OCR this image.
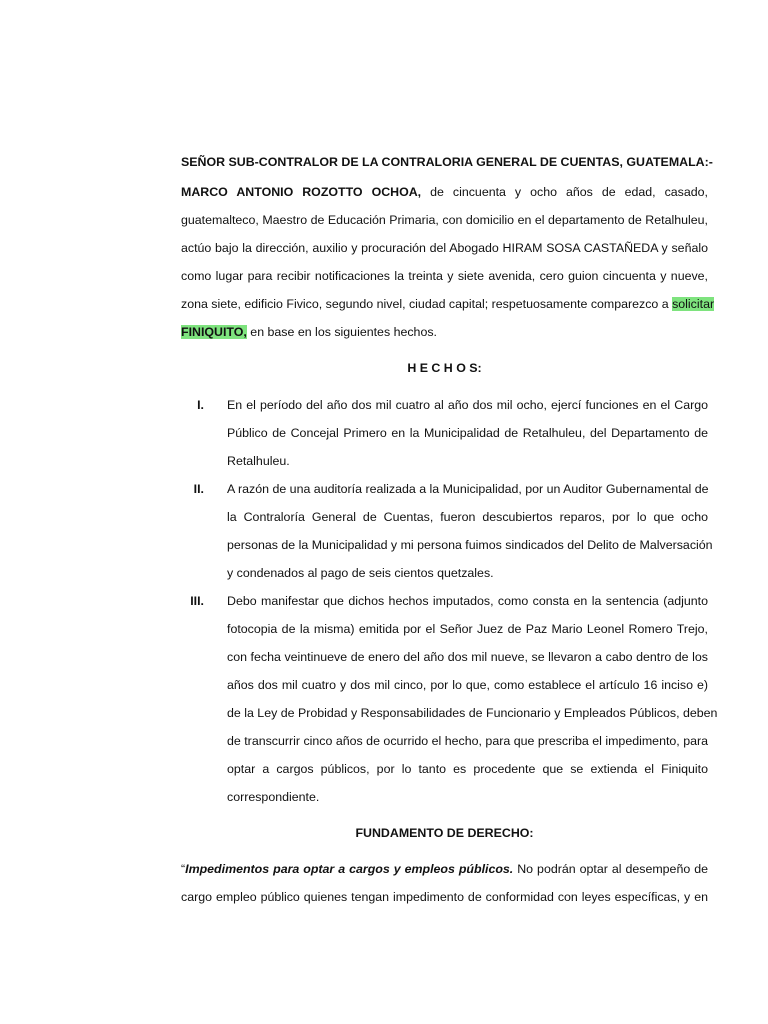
SEÑOR SUB-CONTRALOR DE LA CONTRALORIA GENERAL DE CUENTAS, GUATEMALA:-
MARCO ANTONIO ROZOTTO OCHOA, de cincuenta y ocho años de edad, casado,
guatemalteco, Maestro de Educación Primaria, con domicilio en el departamento de Retalhuleu,
actúo bajo la dirección, auxilio y procuración del Abogado HIRAM SOSA CASTAÑEDA y señalo
como lugar para recibir notificaciones la treinta y siete avenida, cero guion cincuenta y nueve,
zona siete, edificio Fivico, segundo nivel, ciudad capital; respetuosamente comparezco a solicitar
FINIQUITO, en base en los siguientes hechos.
H E C H O S:
I. En el período del año dos mil cuatro al año dos mil ocho, ejercí funciones en el Cargo
Público de Concejal Primero en la Municipalidad de Retalhuleu, del Departamento de
Retalhuleu.
II. A razón de una auditoría realizada a la Municipalidad, por un Auditor Gubernamental de
la Contraloría General de Cuentas, fueron descubiertos reparos, por lo que ocho
personas de la Municipalidad y mi persona fuimos sindicados del Delito de Malversación
y condenados al pago de seis cientos quetzales.
III. Debo manifestar que dichos hechos imputados, como consta en la sentencia (adjunto
fotocopia de la misma) emitida por el Señor Juez de Paz Mario Leonel Romero Trejo,
con fecha veintinueve de enero del año dos mil nueve, se llevaron a cabo dentro de los
años dos mil cuatro y dos mil cinco, por lo que, como establece el artículo 16 inciso e)
de la Ley de Probidad y Responsabilidades de Funcionario y Empleados Públicos, deben
de transcurrir cinco años de ocurrido el hecho, para que prescriba el impedimento, para
optar a cargos públicos, por lo tanto es procedente que se extienda el Finiquito
correspondiente.
FUNDAMENTO DE DERECHO:
“Impedimentos para optar a cargos y empleos públicos. No podrán optar al desempeño de
cargo empleo público quienes tengan impedimento de conformidad con leyes específicas, y en
